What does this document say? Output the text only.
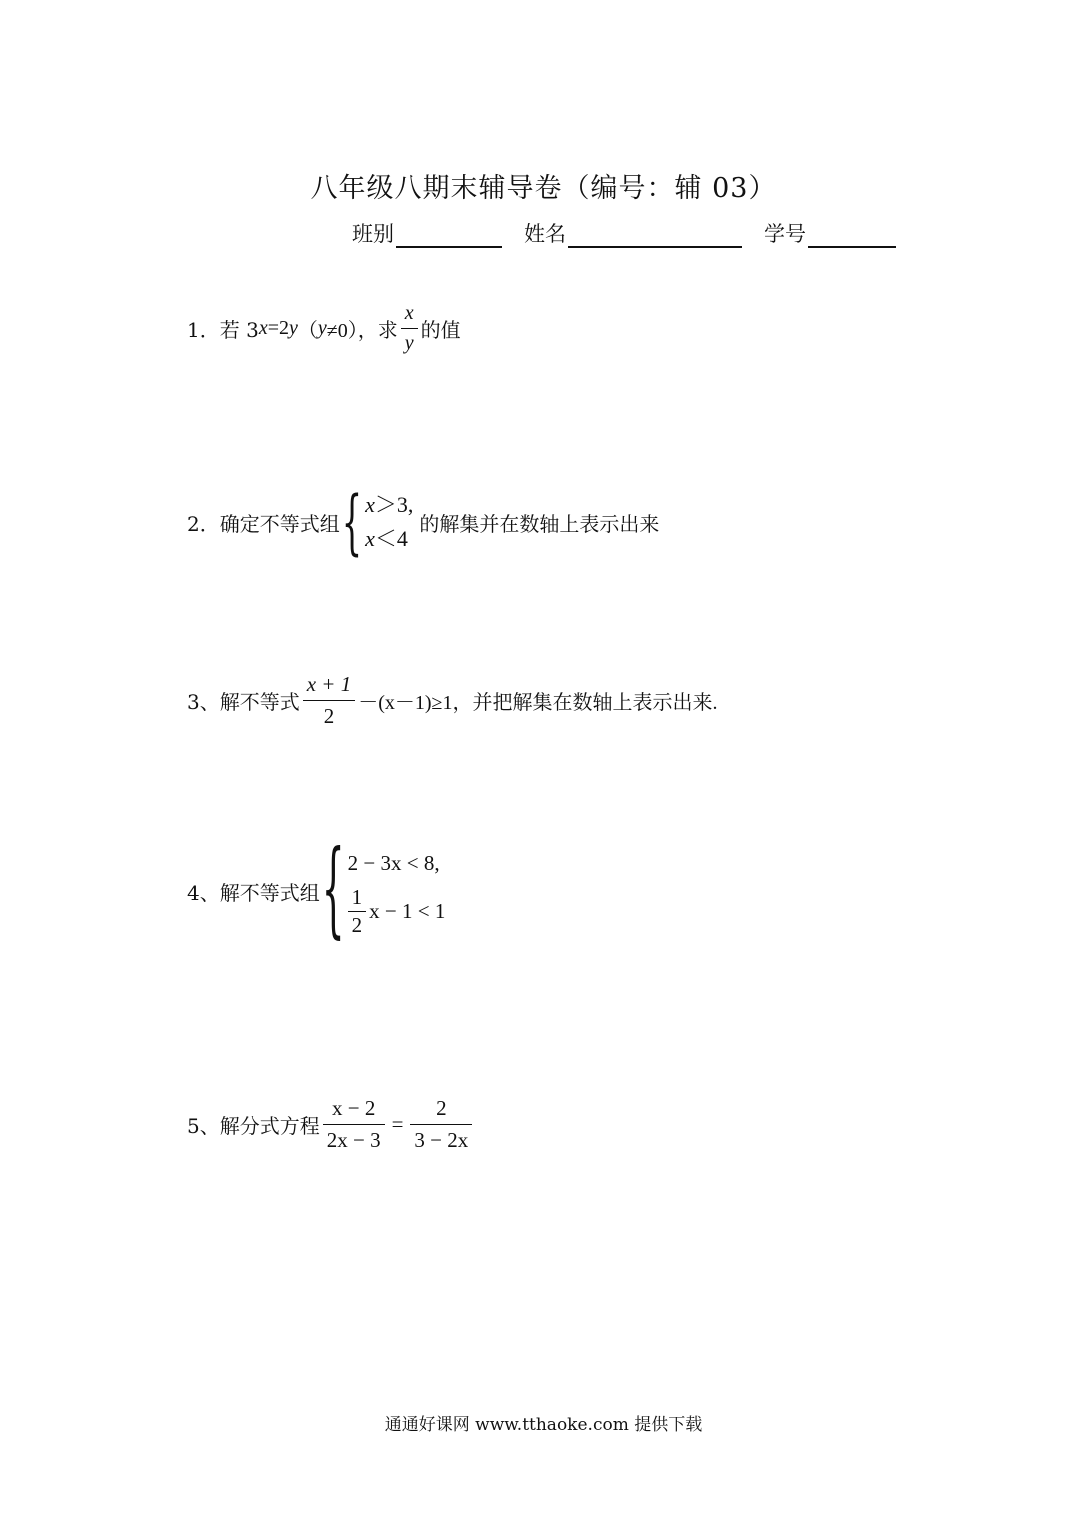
八年级八期末辅导卷（编号：辅 03）
班别	姓名	学号
1．若 3 x =2 y （ y ≠0），求 $\frac{x}{y}$ 的值
2．确定不等式组 { x＞3,
x＜4
的解集并在数轴上表示出来
3、解不等式 $\frac{x + 1}{2} -(x-1)\ge 1$，并把解集在数轴上表示出来.
4、解不等式组 { 2 − 3x < 8,
$\frac{1}{2}$ x − 1 < 1
5、解分式方程 $\frac{x - 2}{2x - 3} = \frac{2}{3 - 2x}$
通通好课网 www.tthaoke.com 提供下载
